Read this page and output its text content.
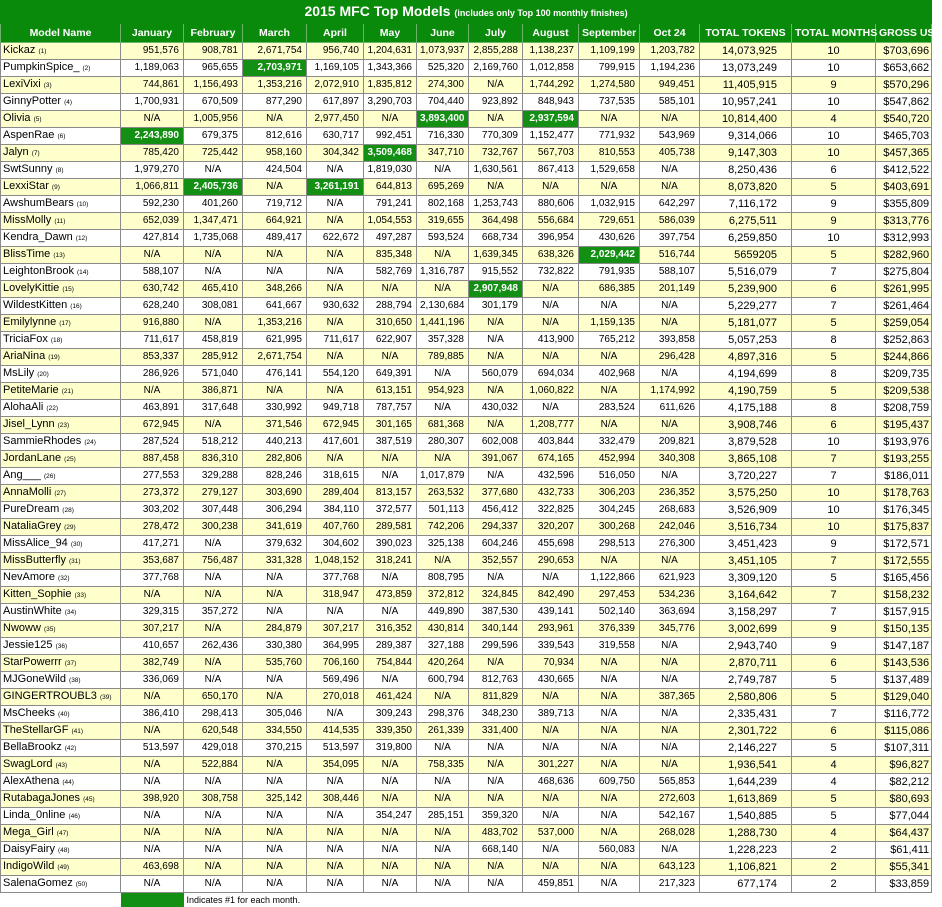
2015 MFC Top Models (includes only Top 100 monthly finishes)													
Model Name	January	February	March	April	May	June	July	August	September	Oct 24	TOTAL TOKENS	TOTAL MONTHS	GROSS USD
Kickaz (1)	951,576	908,781	2,671,754	956,740	1,204,631	1,073,937	2,855,288	1,138,237	1,109,199	1,203,782	14,073,925	10	$703,696
PumpkinSpice_ (2)	1,189,063	965,655	2,703,971	1,169,105	1,343,366	525,320	2,169,760	1,012,858	799,915	1,194,236	13,073,249	10	$653,662
LexiVixi (3)	744,861	1,156,493	1,353,216	2,072,910	1,835,812	274,300	N/A	1,744,292	1,274,580	949,451	11,405,915	9	$570,296
GinnyPotter (4)	1,700,931	670,509	877,290	617,897	3,290,703	704,440	923,892	848,943	737,535	585,101	10,957,241	10	$547,862
Olivia (5)	N/A	1,005,956	N/A	2,977,450	N/A	3,893,400	N/A	2,937,594	N/A	N/A	10,814,400	4	$540,720
AspenRae (6)	2,243,890	679,375	812,616	630,717	992,451	716,330	770,309	1,152,477	771,932	543,969	9,314,066	10	$465,703
Jalyn (7)	785,420	725,442	958,160	304,342	3,509,468	347,710	732,767	567,703	810,553	405,738	9,147,303	10	$457,365
SwtSunny (8)	1,979,270	N/A	424,504	N/A	1,819,030	N/A	1,630,561	867,413	1,529,658	N/A	8,250,436	6	$412,522
LexxiStar (9)	1,066,811	2,405,736	N/A	3,261,191	644,813	695,269	N/A	N/A	N/A	N/A	8,073,820	5	$403,691
AwshumBears (10)	592,230	401,260	719,712	N/A	791,241	802,168	1,253,743	880,606	1,032,915	642,297	7,116,172	9	$355,809
MissMolly (11)	652,039	1,347,471	664,921	N/A	1,054,553	319,655	364,498	556,684	729,651	586,039	6,275,511	9	$313,776
Kendra_Dawn (12)	427,814	1,735,068	489,417	622,672	497,287	593,524	668,734	396,954	430,626	397,754	6,259,850	10	$312,993
BlissTime (13)	N/A	N/A	N/A	N/A	835,348	N/A	1,639,345	638,326	2,029,442	516,744	5659205	5	$282,960
LeightonBrook (14)	588,107	N/A	N/A	N/A	582,769	1,316,787	915,552	732,822	791,935	588,107	5,516,079	7	$275,804
LovelyKittie (15)	630,742	465,410	348,266	N/A	N/A	N/A	2,907,948	N/A	686,385	201,149	5,239,900	6	$261,995
WildestKitten (16)	628,240	308,081	641,667	930,632	288,794	2,130,684	301,179	N/A	N/A	N/A	5,229,277	7	$261,464
Emilylynne (17)	916,880	N/A	1,353,216	N/A	310,650	1,441,196	N/A	N/A	1,159,135	N/A	5,181,077	5	$259,054
TriciaFox (18)	711,617	458,819	621,995	711,617	622,907	357,328	N/A	413,900	765,212	393,858	5,057,253	8	$252,863
AriaNina (19)	853,337	285,912	2,671,754	N/A	N/A	789,885	N/A	N/A	N/A	296,428	4,897,316	5	$244,866
MsLily (20)	286,926	571,040	476,141	554,120	649,391	N/A	560,079	694,034	402,968	N/A	4,194,699	8	$209,735
PetiteMarie (21)	N/A	386,871	N/A	N/A	613,151	954,923	N/A	1,060,822	N/A	1,174,992	4,190,759	5	$209,538
AlohaAli (22)	463,891	317,648	330,992	949,718	787,757	N/A	430,032	N/A	283,524	611,626	4,175,188	8	$208,759
Jisel_Lynn (23)	672,945	N/A	371,546	672,945	301,165	681,368	N/A	1,208,777	N/A	N/A	3,908,746	6	$195,437
SammieRhodes (24)	287,524	518,212	440,213	417,601	387,519	280,307	602,008	403,844	332,479	209,821	3,879,528	10	$193,976
JordanLane (25)	887,458	836,310	282,806	N/A	N/A	N/A	391,067	674,165	452,994	340,308	3,865,108	7	$193,255
Ang___ (26)	277,553	329,288	828,246	318,615	N/A	1,017,879	N/A	432,596	516,050	N/A	3,720,227	7	$186,011
AnnaMolli (27)	273,372	279,127	303,690	289,404	813,157	263,532	377,680	432,733	306,203	236,352	3,575,250	10	$178,763
PureDream (28)	303,202	307,448	306,294	384,110	372,577	501,113	456,412	322,825	304,245	268,683	3,526,909	10	$176,345
NataliaGrey (29)	278,472	300,238	341,619	407,760	289,581	742,206	294,337	320,207	300,268	242,046	3,516,734	10	$175,837
MissAlice_94 (30)	417,271	N/A	379,632	304,602	390,023	325,138	604,246	455,698	298,513	276,300	3,451,423	9	$172,571
MissButterfly (31)	353,687	756,487	331,328	1,048,152	318,241	N/A	352,557	290,653	N/A	N/A	3,451,105	7	$172,555
NevAmore (32)	377,768	N/A	N/A	377,768	N/A	808,795	N/A	N/A	1,122,866	621,923	3,309,120	5	$165,456
Kitten_Sophie (33)	N/A	N/A	N/A	318,947	473,859	372,812	324,845	842,490	297,453	534,236	3,164,642	7	$158,232
AustinWhite (34)	329,315	357,272	N/A	N/A	N/A	449,890	387,530	439,141	502,140	363,694	3,158,297	7	$157,915
Nwoww (35)	307,217	N/A	284,879	307,217	316,352	430,814	340,144	293,961	376,339	345,776	3,002,699	9	$150,135
Jessie125 (36)	410,657	262,436	330,380	364,995	289,387	327,188	299,596	339,543	319,558	N/A	2,943,740	9	$147,187
StarPowerrr (37)	382,749	N/A	535,760	706,160	754,844	420,264	N/A	70,934	N/A	N/A	2,870,711	6	$143,536
MJGoneWild (38)	336,069	N/A	N/A	569,496	N/A	600,794	812,763	430,665	N/A	N/A	2,749,787	5	$137,489
GINGERTROUBL3 (39)	N/A	650,170	N/A	270,018	461,424	N/A	811,829	N/A	N/A	387,365	2,580,806	5	$129,040
MsCheeks (40)	386,410	298,413	305,046	N/A	309,243	298,376	348,230	389,713	N/A	N/A	2,335,431	7	$116,772
TheStellarGF (41)	N/A	620,548	334,550	414,535	339,350	261,339	331,400	N/A	N/A	N/A	2,301,722	6	$115,086
BellaBrookz (42)	513,597	429,018	370,215	513,597	319,800	N/A	N/A	N/A	N/A	N/A	2,146,227	5	$107,311
SwagLord (43)	N/A	522,884	N/A	354,095	N/A	758,335	N/A	301,227	N/A	N/A	1,936,541	4	$96,827
AlexAthena (44)	N/A	N/A	N/A	N/A	N/A	N/A	N/A	468,636	609,750	565,853	1,644,239	4	$82,212
RutabagaJones (45)	398,920	308,758	325,142	308,446	N/A	N/A	N/A	N/A	N/A	272,603	1,613,869	5	$80,693
Linda_0nline (46)	N/A	N/A	N/A	N/A	354,247	285,151	359,320	N/A	N/A	542,167	1,540,885	5	$77,044
Mega_Girl (47)	N/A	N/A	N/A	N/A	N/A	N/A	483,702	537,000	N/A	268,028	1,288,730	4	$64,437
DaisyFairy (48)	N/A	N/A	N/A	N/A	N/A	N/A	668,140	N/A	560,083	N/A	1,228,223	2	$61,411
IndigoWild (49)	463,698	N/A	N/A	N/A	N/A	N/A	N/A	N/A	N/A	643,123	1,106,821	2	$55,341
SalenaGomez (50)	N/A	N/A	N/A	N/A	N/A	N/A	N/A	459,851	N/A	217,323	677,174	2	$33,859
		Indicates #1 for each month.											
